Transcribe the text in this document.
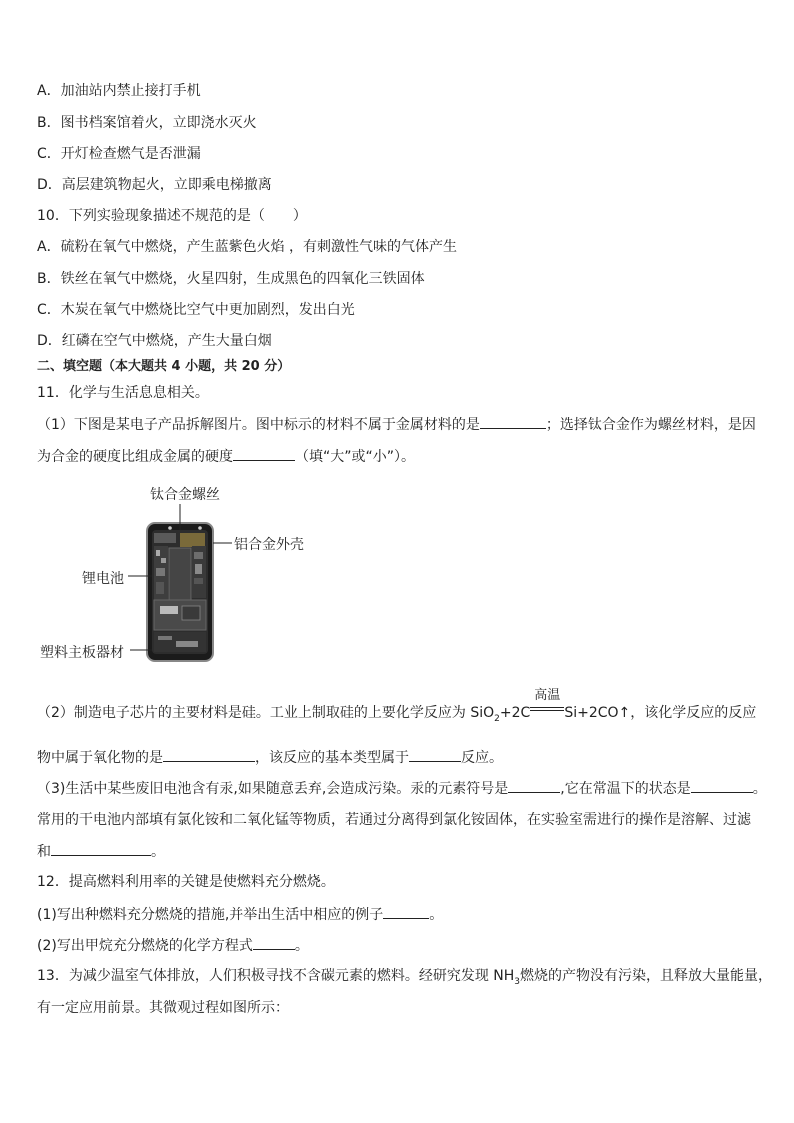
A．加油站内禁止接打手机
B．图书档案馆着火，立即浇水灭火
C．开灯检查燃气是否泄漏
D．高层建筑物起火，立即乘电梯撤离
10．下列实验现象描述不规范的是（　　）
A．硫粉在氧气中燃烧，产生蓝紫色火焰 ，有刺激性气味的气体产生
B．铁丝在氧气中燃烧，火星四射，生成黑色的四氧化三铁固体
C．木炭在氧气中燃烧比空气中更加剧烈，发出白光
D．红磷在空气中燃烧，产生大量白烟
二、填空题（本大题共 4 小题，共 20 分）
11．化学与生活息息相关。
（1）下图是某电子产品拆解图片。图中标示的材料不属于金属材料的是	；选择钛合金作为螺丝材料，是因
为合金的硬度比组成金属的硬度	（填“大”或“小”）。
钛合金螺丝
铝合金外壳
锂电池
塑料主板器材
（2）制造电子芯片的主要材料是硅。工业上制取硅的上要化学反应为 SiO$_2$+2C
高温
Si+2CO↑，该化学反应的反应
物中属于氧化物的是	，该反应的基本类型属于	反应。
（3)生活中某些废旧电池含有汞,如果随意丢弃,会造成污染。汞的元素符号是	,它在常温下的状态是	。
常用的干电池内部填有氯化铵和二氧化锰等物质，若通过分离得到氯化铵固体，在实验室需进行的操作是溶解、过滤
和	。
12．提高燃料利用率的关键是使燃料充分燃烧。
(1)写出种燃料充分燃烧的措施,并举出生活中相应的例子	。
(2)写出甲烷充分燃烧的化学方程式	。
13．为减少温室气体排放，人们积极寻找不含碳元素的燃料。经研究发现 $NH_3$燃烧的产物没有污染，且释放大量能量，
有一定应用前景。其微观过程如图所示：
